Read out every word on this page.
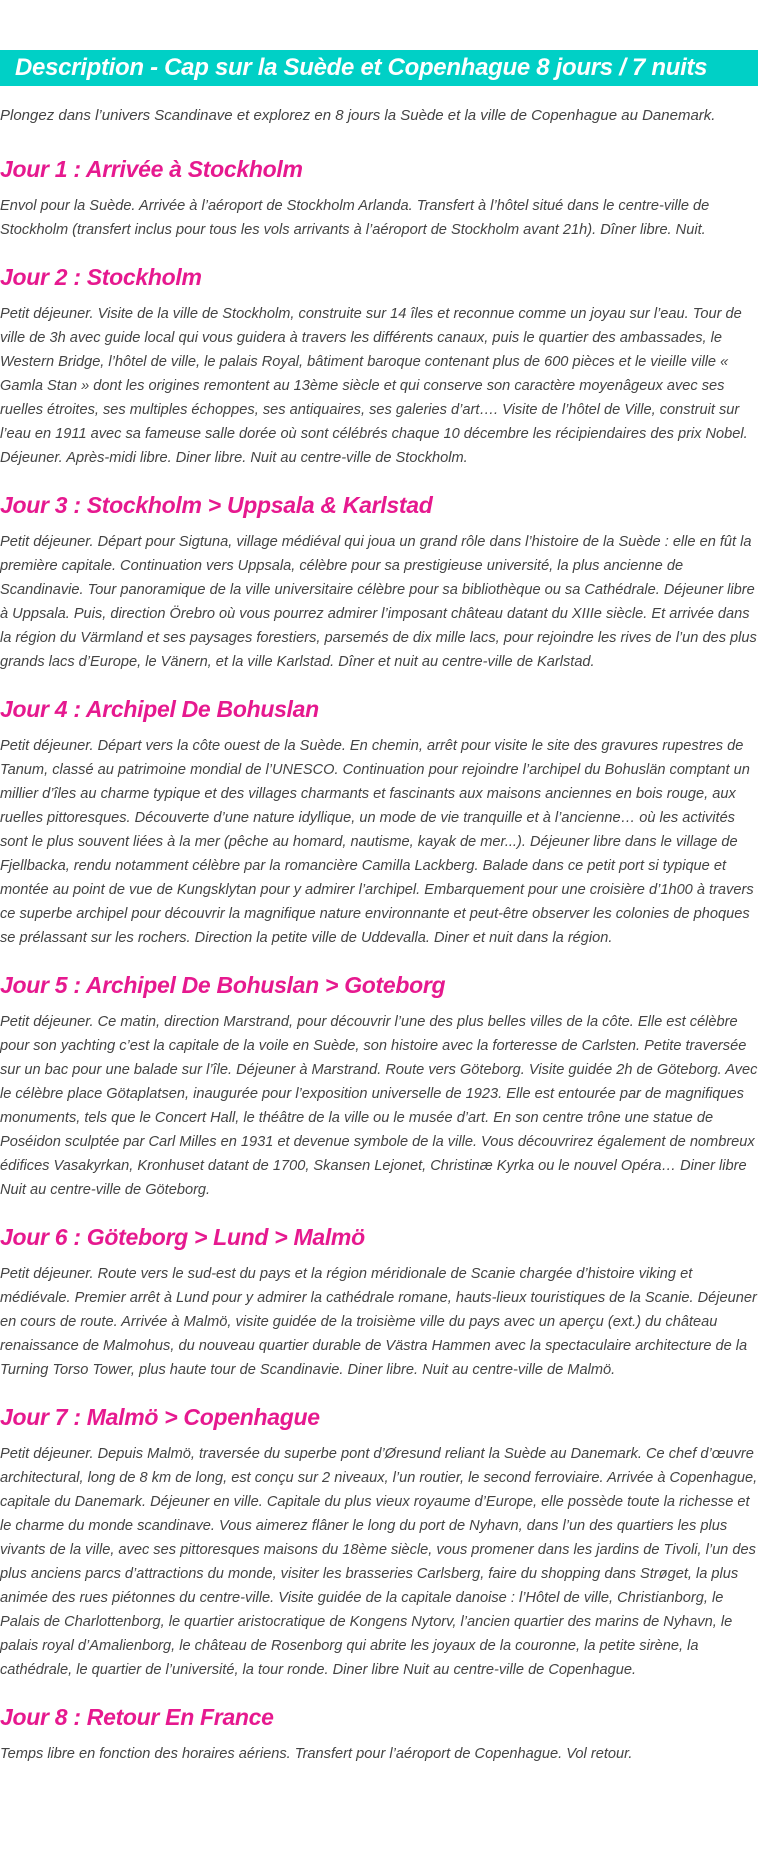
Description - Cap sur la Suède et Copenhague 8 jours / 7 nuits

Plongez dans l’univers Scandinave et explorez en 8 jours la Suède et la ville de Copenhague au Danemark.

Jour 1 : Arrivée à Stockholm

Envol pour la Suède. Arrivée à l’aéroport de Stockholm Arlanda. Transfert à l’hôtel situé dans le centre-ville de Stockholm (transfert inclus pour tous les vols arrivants à l’aéroport de Stockholm avant 21h). Dîner libre. Nuit.

Jour 2 : Stockholm

Petit déjeuner. Visite de la ville de Stockholm, construite sur 14 îles et reconnue comme un joyau sur l’eau. Tour de ville de 3h avec guide local qui vous guidera à travers les différents canaux, puis le quartier des ambassades, le Western Bridge, l’hôtel de ville, le palais Royal, bâtiment baroque contenant plus de 600 pièces et le vieille ville « Gamla Stan » dont les origines remontent au 13ème siècle et qui conserve son caractère moyenâgeux avec ses ruelles étroites, ses multiples échoppes, ses antiquaires, ses galeries d’art…. Visite de l’hôtel de Ville, construit sur l’eau en 1911 avec sa fameuse salle dorée où sont célébrés chaque 10 décembre les récipiendaires des prix Nobel. Déjeuner. Après-midi libre. Diner libre. Nuit au centre-ville de Stockholm.

Jour 3 : Stockholm > Uppsala & Karlstad

Petit déjeuner. Départ pour Sigtuna, village médiéval qui joua un grand rôle dans l’histoire de la Suède : elle en fût la première capitale. Continuation vers Uppsala, célèbre pour sa prestigieuse université, la plus ancienne de Scandinavie. Tour panoramique de la ville universitaire célèbre pour sa bibliothèque ou sa Cathédrale. Déjeuner libre à Uppsala. Puis, direction Örebro où vous pourrez admirer l’imposant château datant du XIIIe siècle. Et arrivée dans la région du Värmland et ses paysages forestiers, parsemés de dix mille lacs, pour rejoindre les rives de l’un des plus grands lacs d’Europe, le Vänern, et la ville Karlstad. Dîner et nuit au centre-ville de Karlstad.

Jour 4 : Archipel De Bohuslan

Petit déjeuner. Départ vers la côte ouest de la Suède. En chemin, arrêt pour visite le site des gravures rupestres de Tanum, classé au patrimoine mondial de l’UNESCO. Continuation pour rejoindre l’archipel du Bohuslän comptant un millier d’îles au charme typique et des villages charmants et fascinants aux maisons anciennes en bois rouge, aux ruelles pittoresques. Découverte d’une nature idyllique, un mode de vie tranquille et à l’ancienne… où les activités sont le plus souvent liées à la mer (pêche au homard, nautisme, kayak de mer...). Déjeuner libre dans le village de Fjellbacka, rendu notamment célèbre par la romancière Camilla Lackberg. Balade dans ce petit port si typique et montée au point de vue de Kungsklytan pour y admirer l’archipel. Embarquement pour une croisière d’1h00 à travers ce superbe archipel pour découvrir la magnifique nature environnante et peut-être observer les colonies de phoques se prélassant sur les rochers. Direction la petite ville de Uddevalla. Diner et nuit dans la région.

Jour 5 : Archipel De Bohuslan > Goteborg

Petit déjeuner. Ce matin, direction Marstrand, pour découvrir l’une des plus belles villes de la côte. Elle est célèbre pour son yachting c’est la capitale de la voile en Suède, son histoire avec la forteresse de Carlsten. Petite traversée sur un bac pour une balade sur l’île. Déjeuner à Marstrand. Route vers Göteborg. Visite guidée 2h de Göteborg. Avec le célèbre place Götaplatsen, inaugurée pour l’exposition universelle de 1923. Elle est entourée par de magnifiques monuments, tels que le Concert Hall, le théâtre de la ville ou le musée d’art. En son centre trône une statue de Poséidon sculptée par Carl Milles en 1931 et devenue symbole de la ville. Vous découvrirez également de nombreux édifices Vasakyrkan, Kronhuset datant de 1700, Skansen Lejonet, Christinæ Kyrka ou le nouvel Opéra… Diner libre Nuit au centre-ville de Göteborg.

Jour 6 : Göteborg > Lund > Malmö

Petit déjeuner. Route vers le sud-est du pays et la région méridionale de Scanie chargée d’histoire viking et médiévale. Premier arrêt à Lund pour y admirer la cathédrale romane, hauts-lieux touristiques de la Scanie. Déjeuner en cours de route. Arrivée à Malmö, visite guidée de la troisième ville du pays avec un aperçu (ext.) du château renaissance de Malmohus, du nouveau quartier durable de Västra Hammen avec la spectaculaire architecture de la Turning Torso Tower, plus haute tour de Scandinavie. Diner libre. Nuit au centre-ville de Malmö.

Jour 7 : Malmö > Copenhague

Petit déjeuner. Depuis Malmö, traversée du superbe pont d’Øresund reliant la Suède au Danemark. Ce chef d’œuvre architectural, long de 8 km de long, est conçu sur 2 niveaux, l’un routier, le second ferroviaire. Arrivée à Copenhague, capitale du Danemark. Déjeuner en ville. Capitale du plus vieux royaume d’Europe, elle possède toute la richesse et le charme du monde scandinave. Vous aimerez flâner le long du port de Nyhavn, dans l’un des quartiers les plus vivants de la ville, avec ses pittoresques maisons du 18ème siècle, vous promener dans les jardins de Tivoli, l’un des plus anciens parcs d’attractions du monde, visiter les brasseries Carlsberg, faire du shopping dans Strøget, la plus animée des rues piétonnes du centre-ville. Visite guidée de la capitale danoise : l’Hôtel de ville, Christianborg, le Palais de Charlottenborg, le quartier aristocratique de Kongens Nytorv, l’ancien quartier des marins de Nyhavn, le palais royal d’Amalienborg, le château de Rosenborg qui abrite les joyaux de la couronne, la petite sirène, la cathédrale, le quartier de l’université, la tour ronde. Diner libre Nuit au centre-ville de Copenhague.

Jour 8 : Retour En France

Temps libre en fonction des horaires aériens. Transfert pour l’aéroport de Copenhague. Vol retour.
